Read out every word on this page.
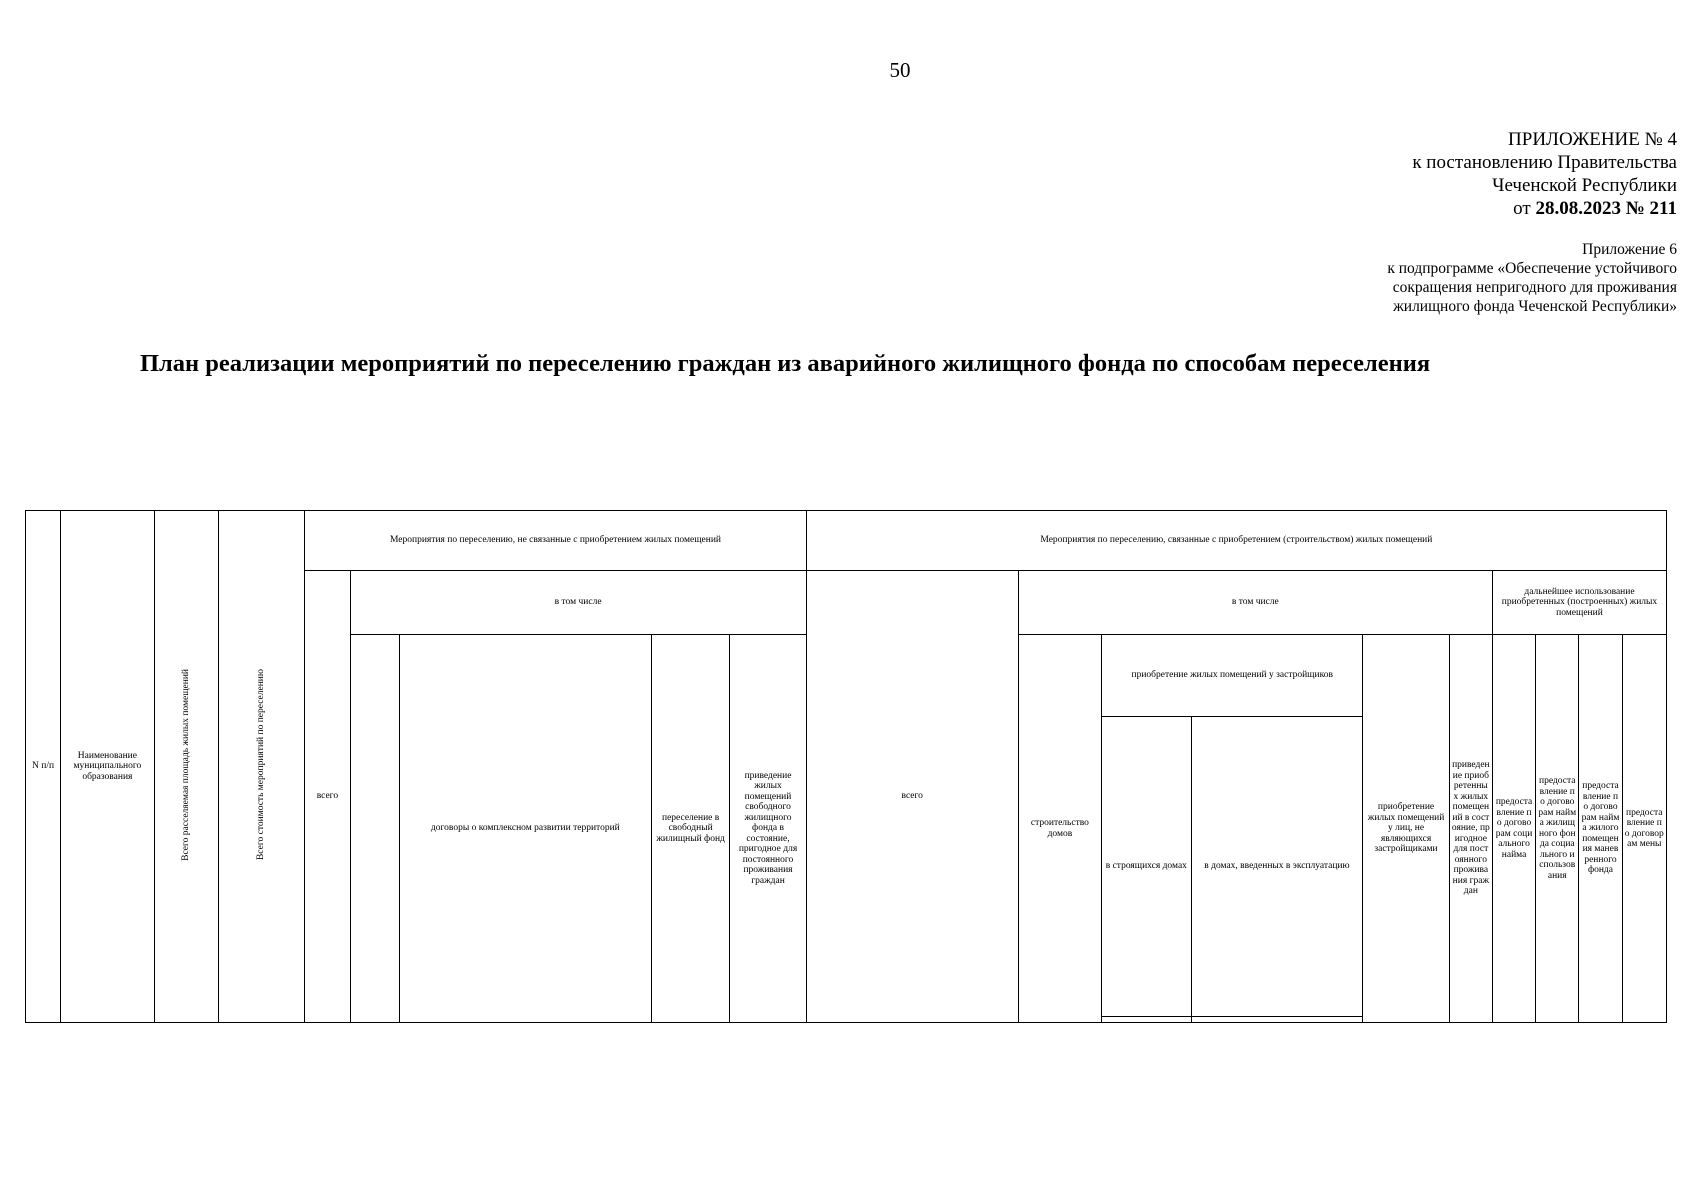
50
ПРИЛОЖЕНИЕ № 4
к постановлению Правительства
Чеченской Республики
от 28.08.2023 № 211
Приложение 6
к подпрограмме «Обеспечение устойчивого
сокращения непригодного для проживания
жилищного фонда Чеченской Республики»
План реализации мероприятий по переселению граждан из аварийного жилищного фонда по способам переселения
N п/п	Наименование муниципального образования	Всего расселяемая площадь жилых помещений	Всего стоимость мероприятий по переселению	Мероприятия по переселению, не связанные с приобретением жилых помещений					Мероприятия по переселению, связанные с приобретением (строительством) жилых помещений									
				всего	в том числе				всего	в том числе					дальнейшее использование приобретенных (построенных) жилых помещений			
						договоры о комплексном развитии территорий	переселение в свободный жилищный фонд	приведение жилых помещений свободного жилищного фонда в состояние, пригодное для постоянного проживания граждан		строительство домов	приобретение жилых помещений у застройщиков		приобретение жилых помещений у лиц, не являющихся застройщиками	приведение приобретенных жилых помещений в состояние, пригодное для постоянного проживания граждан	предоставление по договорам социального найма	предоставление по договорам найма жилищного фонда социального использования	предоставление по договорам найма жилого помещения маневренного фонда	предоставление по договорам мены
											в строящихся домах	в домах, введенных в эксплуатацию						
